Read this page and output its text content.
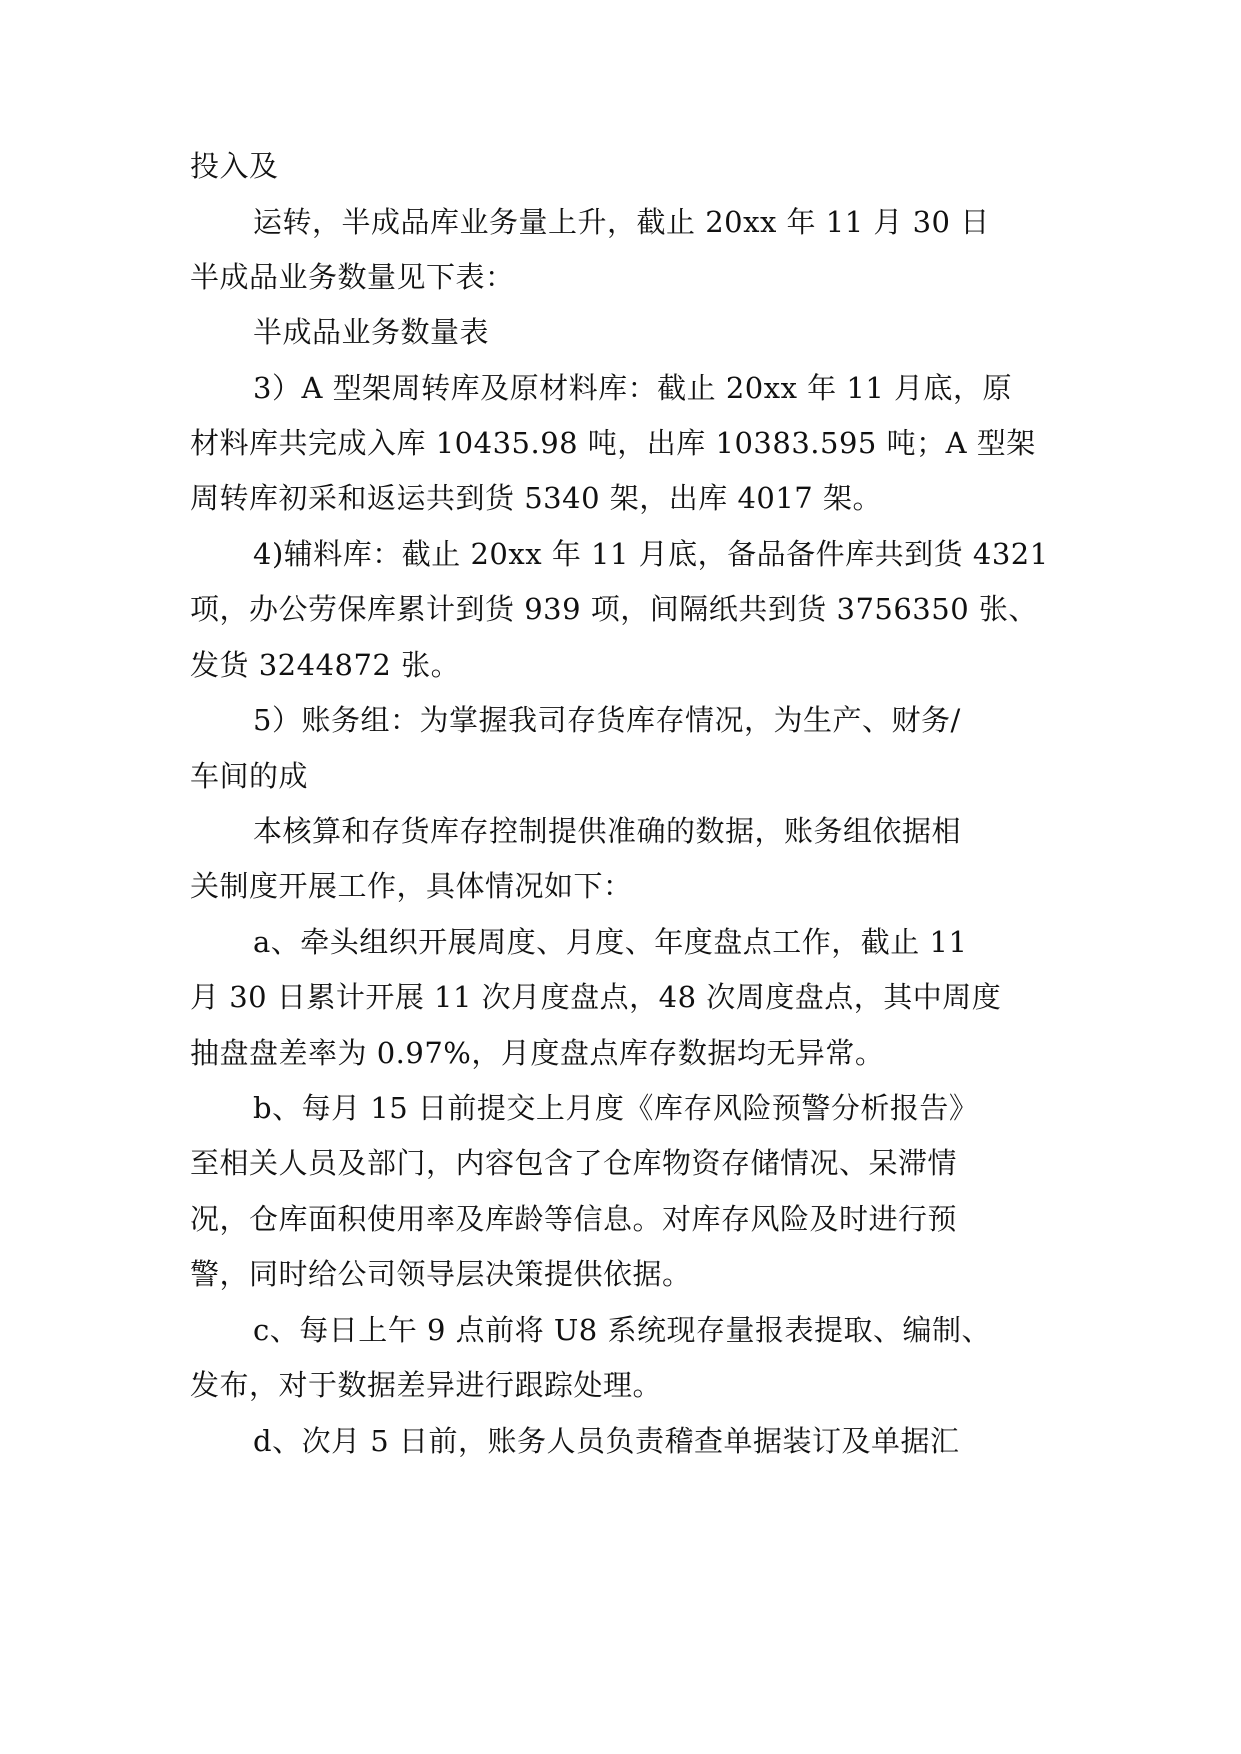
投入及
运转，半成品库业务量上升，截止 20xx 年 11 月 30 日
半成品业务数量见下表：
半成品业务数量表
3）A 型架周转库及原材料库：截止 20xx 年 11 月底，原
材料库共完成入库 10435.98 吨，出库 10383.595 吨；A 型架
周转库初采和返运共到货 5340 架，出库 4017 架。
4)辅料库：截止 20xx 年 11 月底，备品备件库共到货 4321
项，办公劳保库累计到货 939 项，间隔纸共到货 3756350 张、
发货 3244872 张。
5）账务组：为掌握我司存货库存情况，为生产、财务/
车间的成
本核算和存货库存控制提供准确的数据，账务组依据相
关制度开展工作，具体情况如下：
a、牵头组织开展周度、月度、年度盘点工作，截止 11
月 30 日累计开展 11 次月度盘点，48 次周度盘点，其中周度
抽盘盘差率为 0.97%，月度盘点库存数据均无异常。
b、每月 15 日前提交上月度《库存风险预警分析报告》
至相关人员及部门，内容包含了仓库物资存储情况、呆滞情
况，仓库面积使用率及库龄等信息。对库存风险及时进行预
警，同时给公司领导层决策提供依据。
c、每日上午 9 点前将 U8 系统现存量报表提取、编制、
发布，对于数据差异进行跟踪处理。
d、次月 5 日前，账务人员负责稽查单据装订及单据汇
